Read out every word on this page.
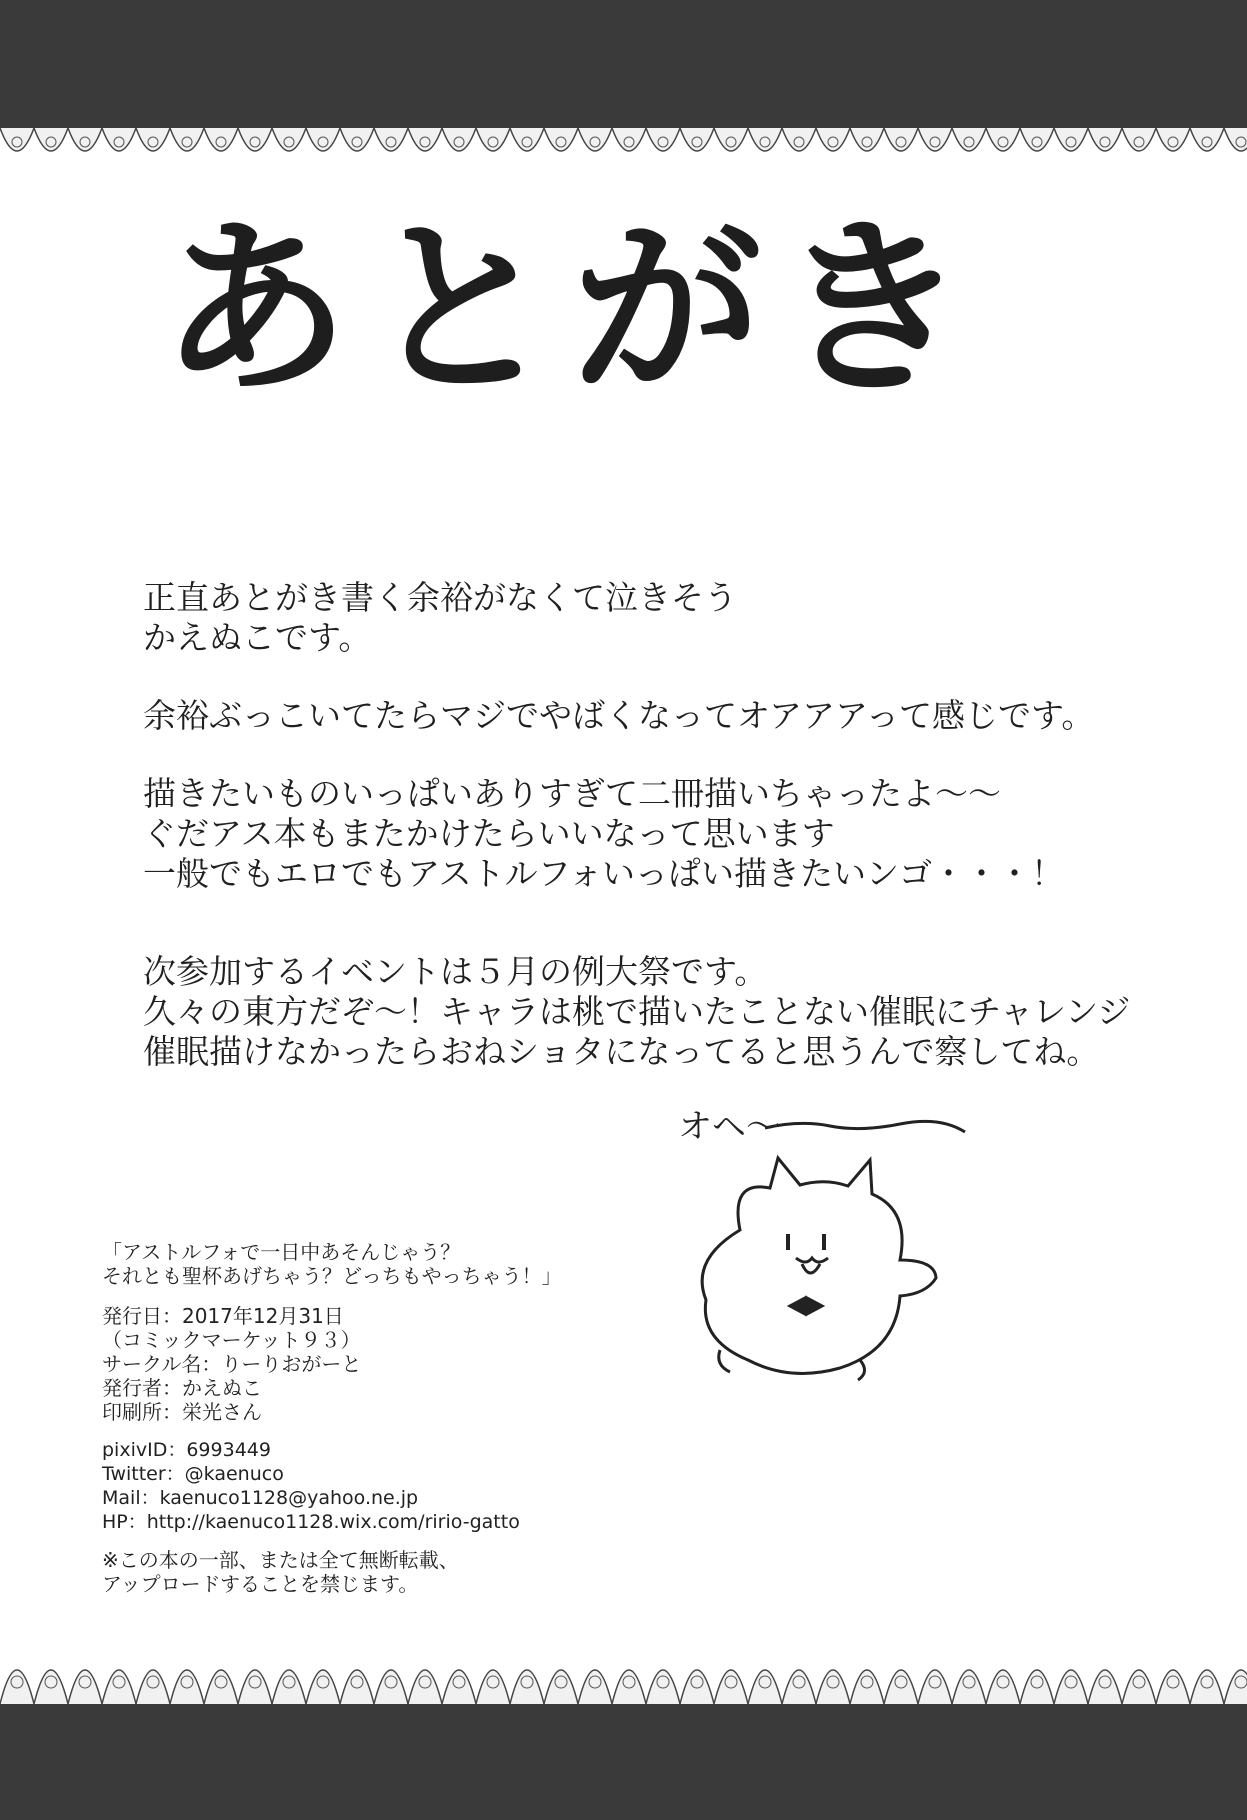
あとがき

正直あとがき書く余裕がなくて泣きそう

かえぬこです。

余裕ぶっこいてたらマジでやばくなってオアアアって感じです。

描きたいものいっぱいありすぎて二冊描いちゃったよ～～

ぐだアス本もまたかけたらいいなって思います

一般でもエロでもアストルフォいっぱい描きたいンゴ・・・！

次参加するイベントは５月の例大祭です。

久々の東方だぞ～！キャラは桃で描いたことない催眠にチャレンジ

催眠描けなかったらおねショタになってると思うんで察してね。

オヘ～

「アストルフォで一日中あそんじゃう？

それとも聖杯あげちゃう？どっちもやっちゃう！」

発行日：2017年12月31日

（コミックマーケット９３）

サークル名：りーりおがーと

発行者：かえぬこ

印刷所：栄光さん

pixivID：6993449

Twitter：@kaenuco

Mail：kaenuco1128@yahoo.ne.jp

HP：http://kaenuco1128.wix.com/ririo-gatto

※この本の一部、または全て無断転載、

アップロードすることを禁じます。
